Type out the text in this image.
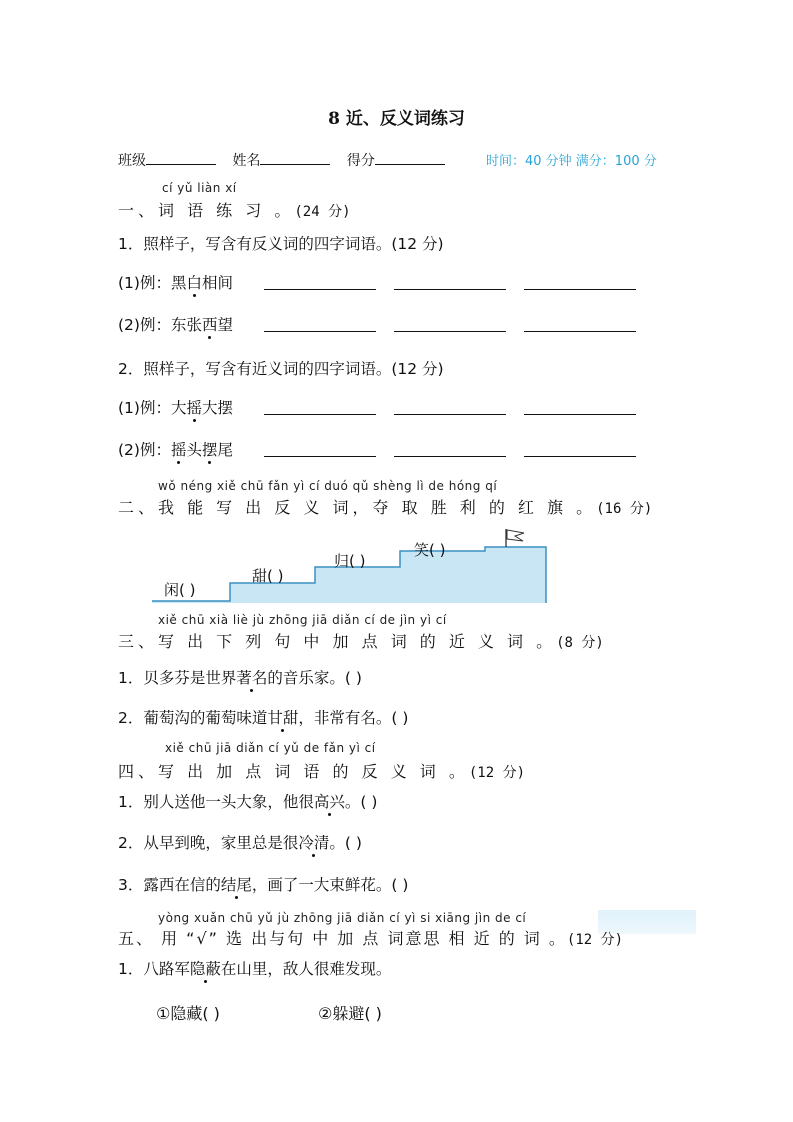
8 近、反义词练习
班级	姓名	得分	时间：40 分钟 满分：100 分
cí yǔ liàn xí
一、词 语 练 习 。(24 分)
1．照样子，写含有反义词的四字词语。(12 分)
(1)例：黑白相间
(2)例：东张西望
2．照样子，写含有近义词的四字词语。(12 分)
(1)例：大摇大摆
(2)例：摇头摆尾
wǒ néng xiě chū fǎn yì cí duó qǔ shèng lì de hóng qí
二、我 能 写 出 反 义 词，夺 取 胜 利 的 红 旗 。(16 分)
闲( )
甜( )
归( )
笑( )
xiě chū xià liè jù zhōng jiā diǎn cí de jìn yì cí
三、写 出 下 列 句 中 加 点 词 的 近 义 词 。(8 分)
1．贝多芬是世界著名的音乐家。( )
2．葡萄沟的葡萄味道甘甜，非常有名。( )
xiě chū jiā diǎn cí yǔ de fǎn yì cí
四、写 出 加 点 词 语 的 反 义 词 。(12 分)
1．别人送他一头大象，他很高兴。( )
2．从早到晚，家里总是很冷清。( )
3．露西在信的结尾，画了一大束鲜花。( )
yòng xuǎn chū yǔ jù zhōng jiā diǎn cí yì si xiāng jìn de cí
五、 用 “√” 选 出与句 中 加 点 词意思 相 近 的 词 。(12 分)
1．八路军隐蔽在山里，敌人很难发现。
①隐藏( )	②躲避( )
